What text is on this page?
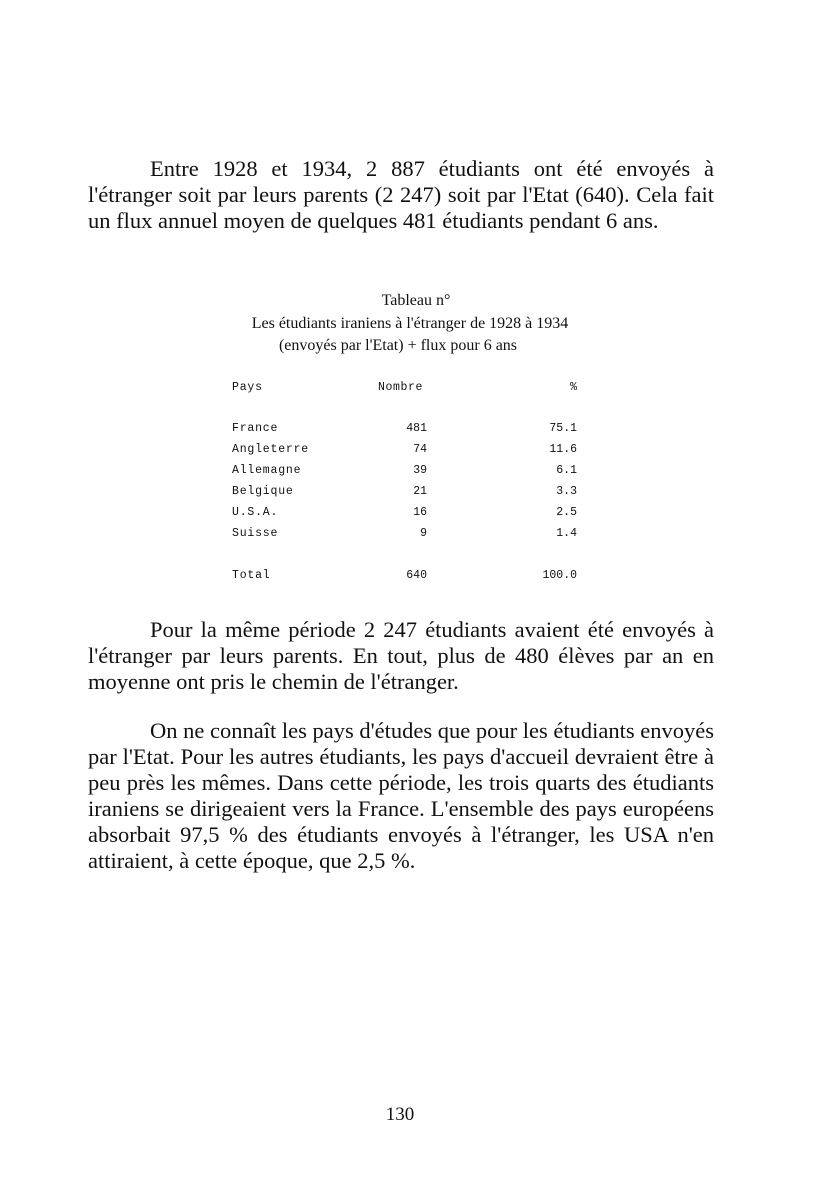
Entre 1928 et 1934, 2 887 étudiants ont été envoyés à l'étranger soit par leurs parents (2 247) soit par l'Etat (640). Cela fait un flux annuel moyen de quelques 481 étudiants pendant 6 ans.

Tableau n°
Les étudiants iraniens à l'étranger de 1928 à 1934
(envoyés par l'Etat) + flux pour 6 ans
Pays	Nombre	%
France	481	75.1
Angleterre	74	11.6
Allemagne	39	6.1
Belgique	21	3.3
U.S.A.	16	2.5
Suisse	9	1.4
Total	640	100.0

Pour la même période 2 247 étudiants avaient été envoyés à l'étranger par leurs parents. En tout, plus de 480 élèves par an en moyenne ont pris le chemin de l'étranger.

On ne connaît les pays d'études que pour les étudiants envoyés par l'Etat. Pour les autres étudiants, les pays d'accueil devraient être à peu près les mêmes. Dans cette période, les trois quarts des étudiants iraniens se dirigeaient vers la France. L'ensemble des pays européens absorbait 97,5 % des étudiants envoyés à l'étranger, les USA n'en attiraient, à cette époque, que 2,5 %.

130
